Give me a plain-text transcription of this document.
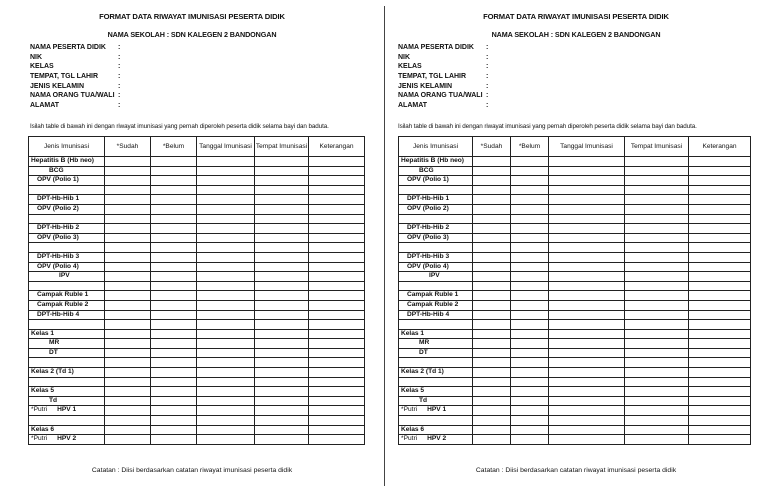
FORMAT DATA RIWAYAT IMUNISASI PESERTA DIDIK
NAMA SEKOLAH : SDN KALEGEN 2 BANDONGAN
NAMA PESERTA DIDIK :
NIK	:
KELAS	:
TEMPAT, TGL LAHIR	:
JENIS KELAMIN	:
NAMA ORANG TUA/WALI :
ALAMAT	:
Isilah table di bawah ini dengan riwayat imunisasi yang pernah diperoleh peserta didik selama bayi dan baduta.
Jenis Imunisasi	*Sudah	*Belum	Tanggal Imunisasi	Tempat Imunisasi	Keterangan
Hepatitis B (Hb neo)					
BCG					
OPV (Polio 1)					

DPT-Hb-Hib 1					
OPV (Polio 2)					

DPT-Hb-Hib 2					
OPV (Polio 3)					

DPT-Hb-Hib 3					
OPV (Polio 4)					
IPV					

Campak Ruble 1					
Campak Ruble 2					
DPT-Hb-Hib 4					

Kelas 1					
MR					
DT					

Kelas 2 (Td 1)					

Kelas 5					
Td					
*Putri HPV 1					

Kelas 6					
*Putri HPV 2					
Catatan : Diisi berdasarkan catatan riwayat imunisasi peserta didik
FORMAT DATA RIWAYAT IMUNISASI PESERTA DIDIK
NAMA SEKOLAH : SDN KALEGEN 2 BANDONGAN
NAMA PESERTA DIDIK :
NIK	:
KELAS	:
TEMPAT, TGL LAHIR	:
JENIS KELAMIN	:
NAMA ORANG TUA/WALI :
ALAMAT	:
Isilah table di bawah ini dengan riwayat imunisasi yang pernah diperoleh peserta didik selama bayi dan baduta.
Jenis Imunisasi	*Sudah	*Belum	Tanggal Imunisasi	Tempat Imunisasi	Keterangan
Hepatitis B (Hb neo)					
BCG					
OPV (Polio 1)					

DPT-Hb-Hib 1					
OPV (Polio 2)					

DPT-Hb-Hib 2					
OPV (Polio 3)					

DPT-Hb-Hib 3					
OPV (Polio 4)					
IPV					

Campak Ruble 1					
Campak Ruble 2					
DPT-Hb-Hib 4					

Kelas 1					
MR					
DT					

Kelas 2 (Td 1)					

Kelas 5					
Td					
*Putri HPV 1					

Kelas 6					
*Putri HPV 2					
Catatan : Diisi berdasarkan catatan riwayat imunisasi peserta didik
